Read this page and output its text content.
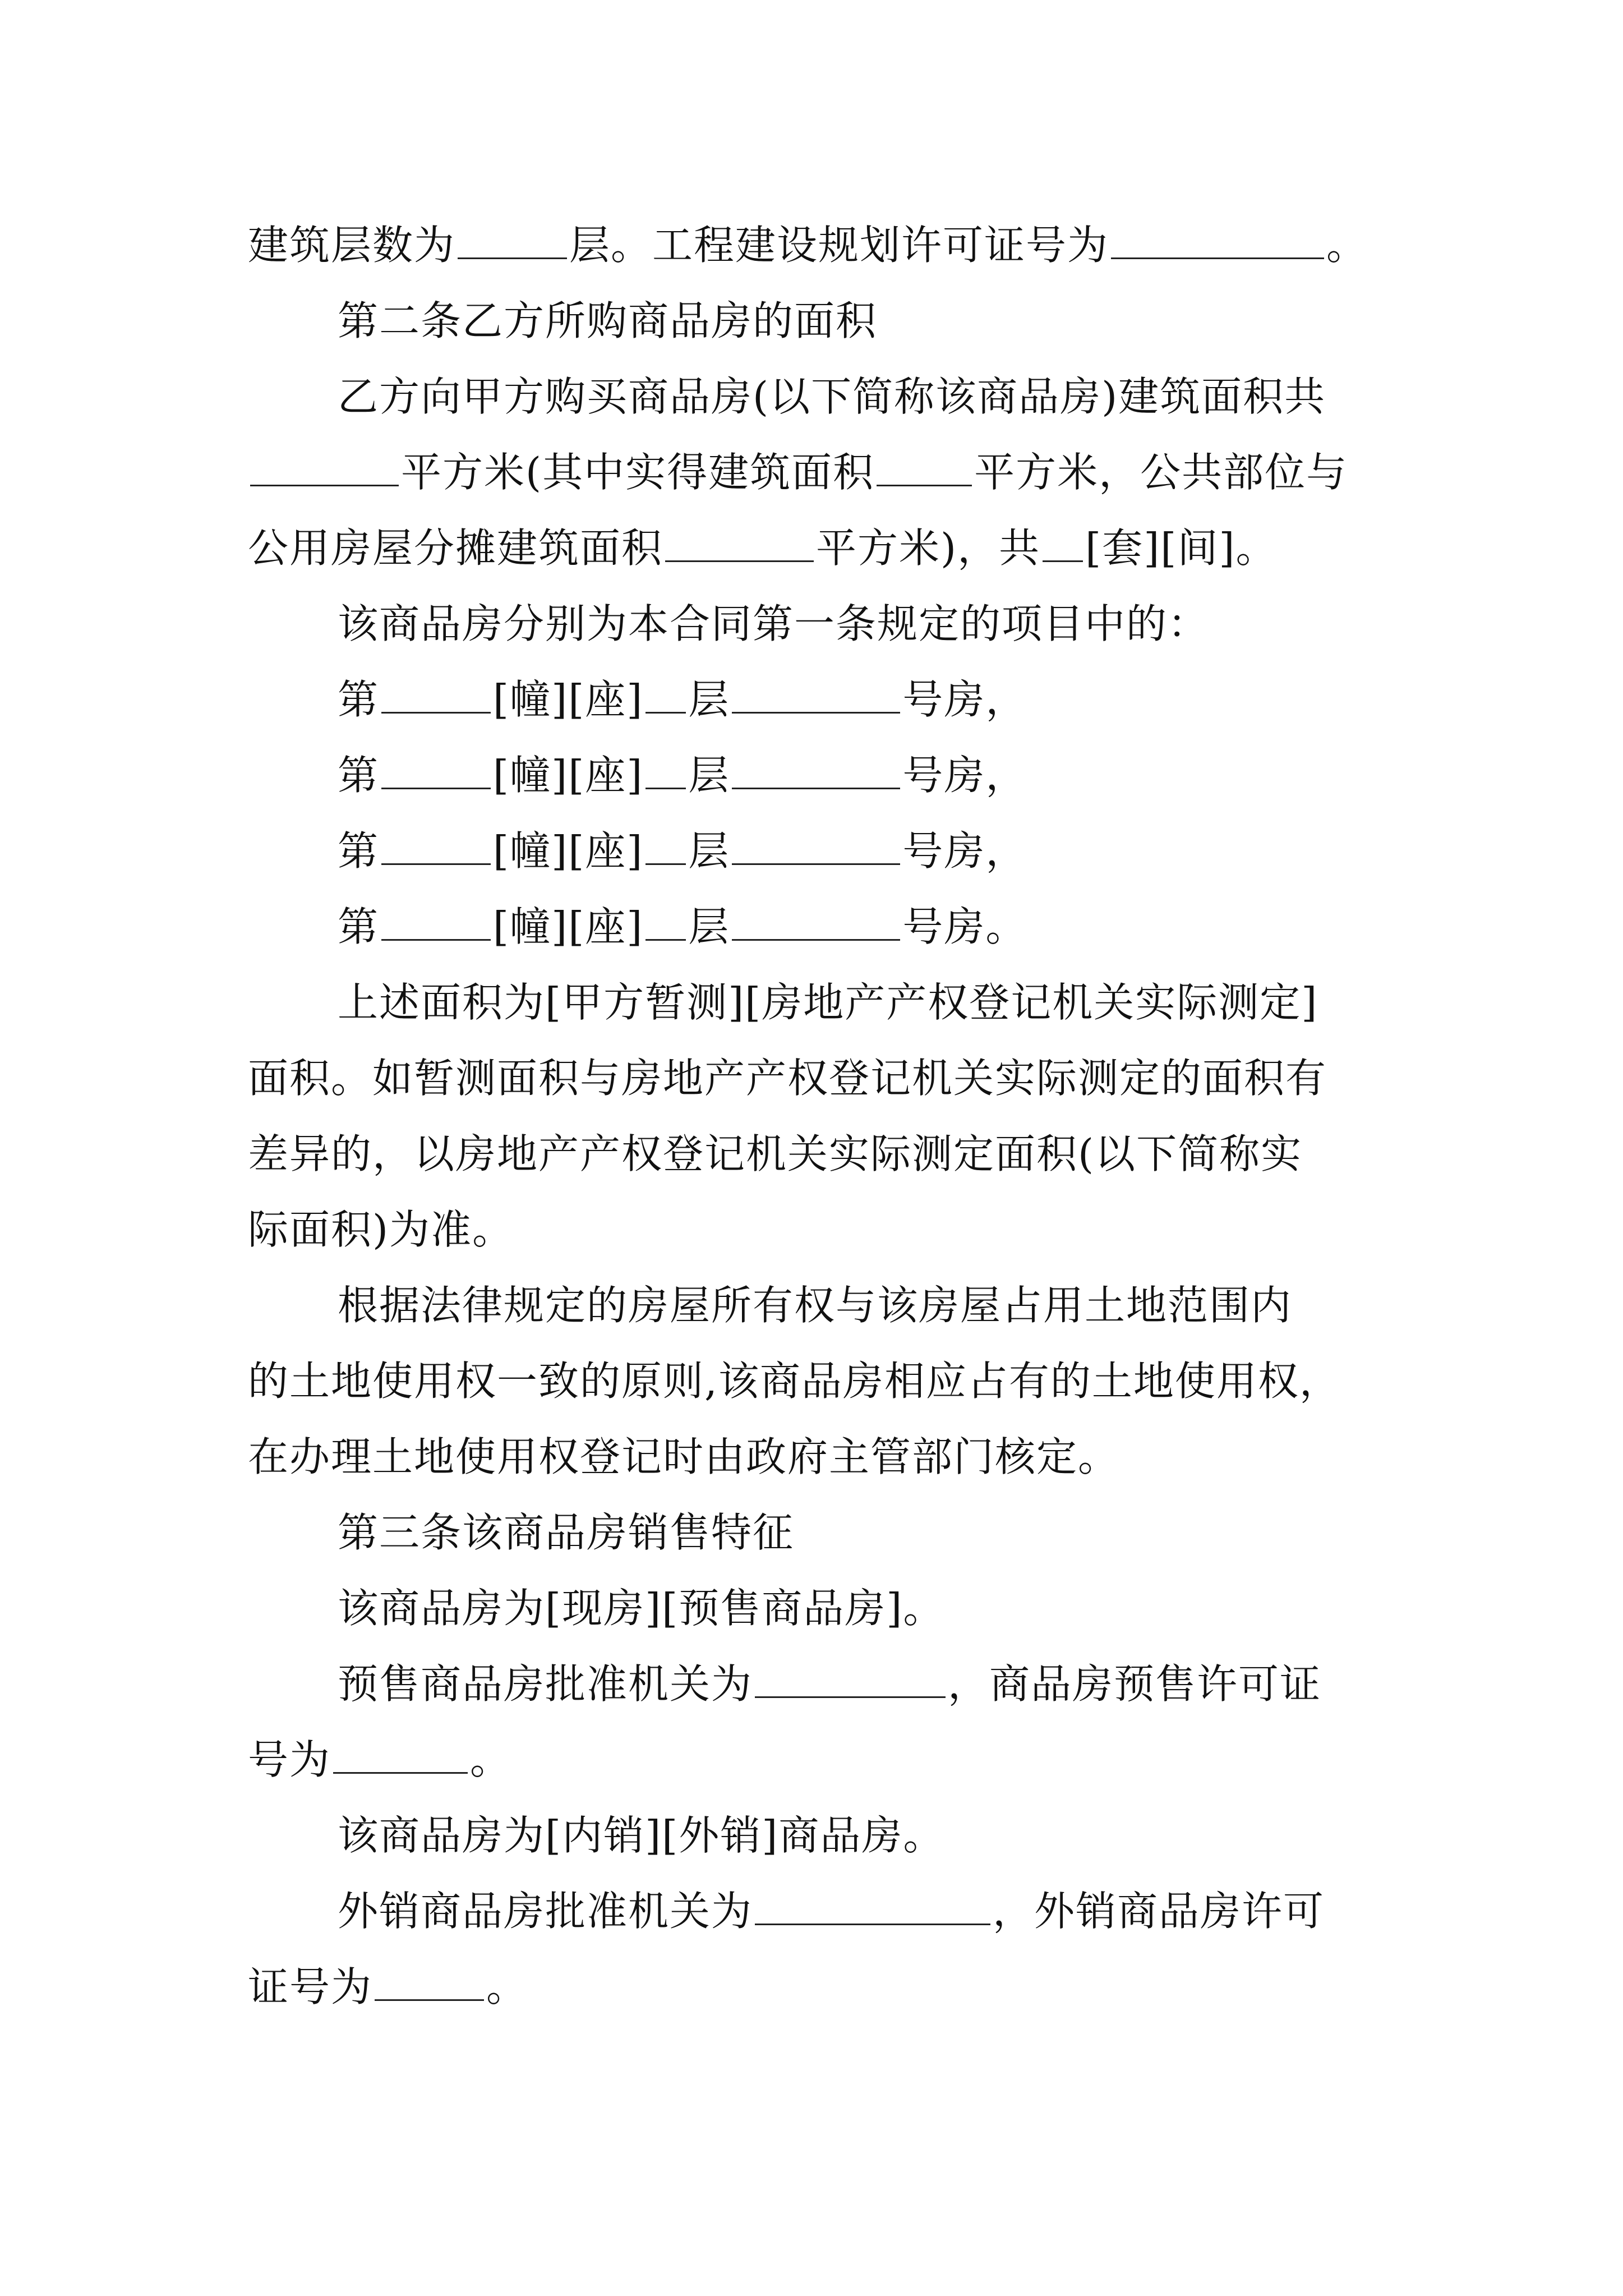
建筑层数为	层。工程建设规划许可证号为	。
第二条乙方所购商品房的面积
乙方向甲方购买商品房(以下简称该商品房)建筑面积共
平方米(其中实得建筑面积 平方米，公共部位与
公用房屋分摊建筑面积	平方米)，共 [套][间]。
该商品房分别为本合同第一条规定的项目中的：
第	[幢][座] 层	号房，
第	[幢][座] 层	号房，
第	[幢][座] 层	号房，
第	[幢][座] 层	号房。
上述面积为[甲方暂测][房地产产权登记机关实际测定]
面积。如暂测面积与房地产产权登记机关实际测定的面积有
差异的，以房地产产权登记机关实际测定面积(以下简称实
际面积)为准。
根据法律规定的房屋所有权与该房屋占用土地范围内
的土地使用权一致的原则,该商品房相应占有的土地使用权，
在办理土地使用权登记时由政府主管部门核定。
第三条该商品房销售特征
该商品房为[现房][预售商品房]。
预售商品房批准机关为	，商品房预售许可证
号为	。
该商品房为[内销][外销]商品房。
外销商品房批准机关为	，外销商品房许可
证号为	。
